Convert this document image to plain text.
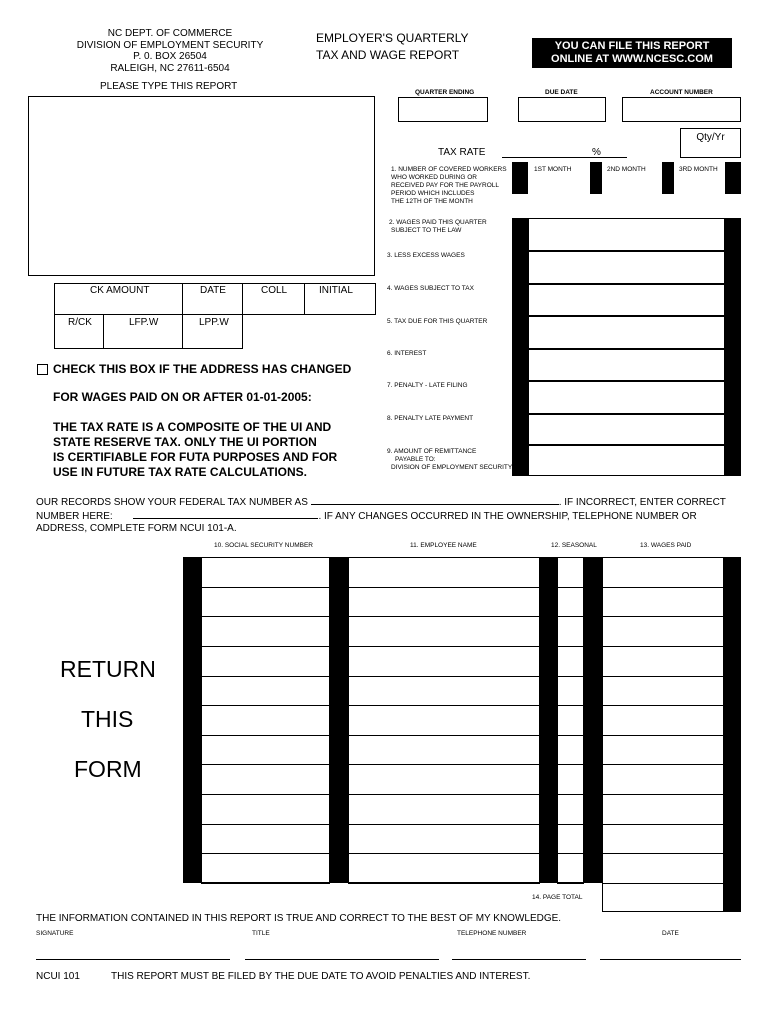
NC DEPT. OF COMMERCE
DIVISION OF EMPLOYMENT SECURITY
P. 0. BOX 26504
RALEIGH, NC 27611-6504
PLEASE TYPE THIS REPORT
EMPLOYER'S QUARTERLY
TAX AND WAGE REPORT
YOU CAN FILE THIS REPORT
ONLINE AT WWW.NCESC.COM
QUARTER ENDING	DUE DATE	ACCOUNT NUMBER
Qty/Yr
TAX RATE	%
1. NUMBER OF COVERED WORKERS
WHO WORKED DURING OR
RECEIVED PAY FOR THE PAYROLL
PERIOD WHICH INCLUDES
THE 12TH OF THE MONTH
1ST MONTH	2ND MONTH	3RD MONTH
2. WAGES PAID THIS QUARTER
SUBJECT TO THE LAW
3. LESS EXCESS WAGES
4. WAGES SUBJECT TO TAX
5. TAX DUE FOR THIS QUARTER
6. INTEREST
7. PENALTY - LATE FILING
8. PENALTY LATE PAYMENT
9. AMOUNT OF REMITTANCE
PAYABLE TO:
DIVISION OF EMPLOYMENT SECURITY
CK AMOUNT	DATE	COLL	INITIAL
R/CK	LFP.W	LPP.W
CHECK THIS BOX IF THE ADDRESS HAS CHANGED
FOR WAGES PAID ON OR AFTER 01-01-2005:
THE TAX RATE IS A COMPOSITE OF THE UI AND
STATE RESERVE TAX. ONLY THE UI PORTION
IS CERTIFIABLE FOR FUTA PURPOSES AND FOR
USE IN FUTURE TAX RATE CALCULATIONS.
OUR RECORDS SHOW YOUR FEDERAL TAX NUMBER AS	. IF INCORRECT, ENTER CORRECT
NUMBER HERE:	. IF ANY CHANGES OCCURRED IN THE OWNERSHIP, TELEPHONE NUMBER OR
ADDRESS, COMPLETE FORM NCUI 101-A.
10. SOCIAL SECURITY NUMBER	11. EMPLOYEE NAME	12. SEASONAL	13. WAGES PAID
14. PAGE TOTAL
RETURN
THIS
FORM
THE INFORMATION CONTAINED IN THIS REPORT IS TRUE AND CORRECT TO THE BEST OF MY KNOWLEDGE.
SIGNATURE	TITLE	TELEPHONE NUMBER	DATE
NCUI 101	THIS REPORT MUST BE FILED BY THE DUE DATE TO AVOID PENALTIES AND INTEREST.
